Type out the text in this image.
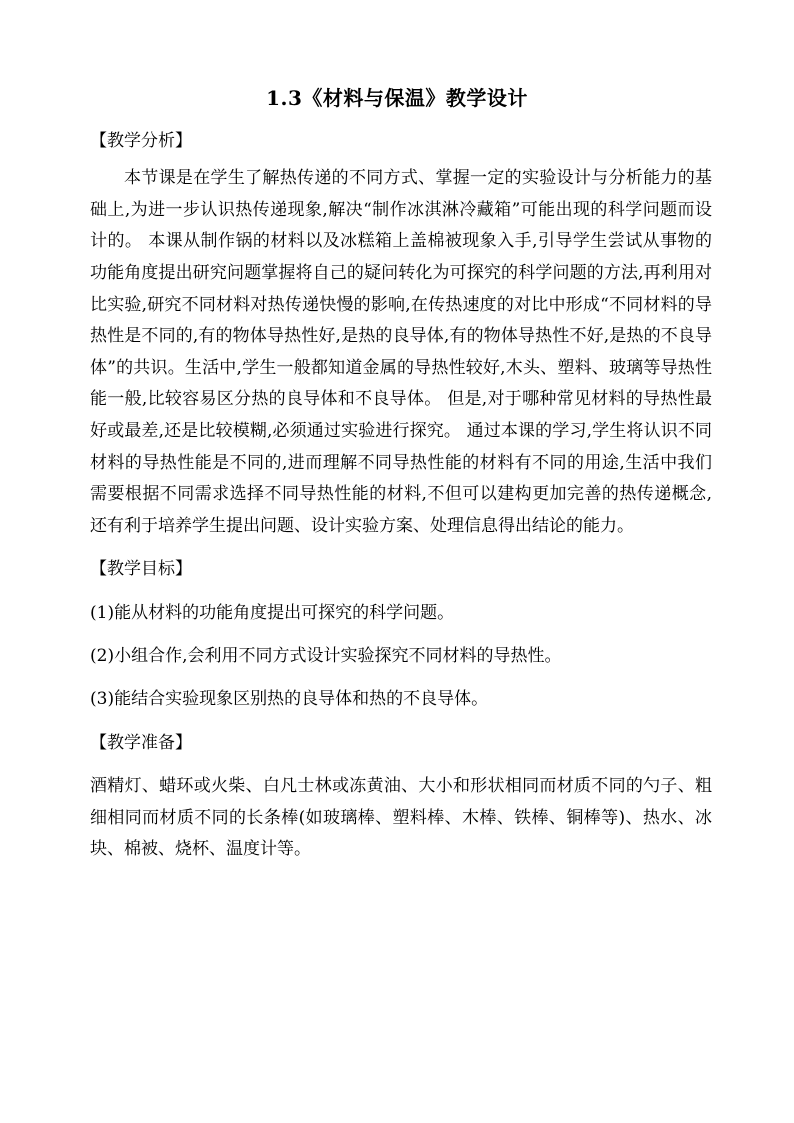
1.3《材料与保温》教学设计

【教学分析】

本节课是在学生了解热传递的不同方式、掌握一定的实验设计与分析能力的基础上,为进一步认识热传递现象,解决“制作冰淇淋冷藏箱”可能出现的科学问题而设计的。 本课从制作锅的材料以及冰糕箱上盖棉被现象入手,引导学生尝试从事物的功能角度提出研究问题掌握将自己的疑问转化为可探究的科学问题的方法,再利用对比实验,研究不同材料对热传递快慢的影响,在传热速度的对比中形成“不同材料的导热性是不同的,有的物体导热性好,是热的良导体,有的物体导热性不好,是热的不良导体”的共识。生活中,学生一般都知道金属的导热性较好,木头、塑料、玻璃等导热性能一般,比较容易区分热的良导体和不良导体。 但是,对于哪种常见材料的导热性最好或最差,还是比较模糊,必须通过实验进行探究。 通过本课的学习,学生将认识不同材料的导热性能是不同的,进而理解不同导热性能的材料有不同的用途,生活中我们需要根据不同需求选择不同导热性能的材料,不但可以建构更加完善的热传递概念,还有利于培养学生提出问题、设计实验方案、处理信息得出结论的能力。

【教学目标】

(1)能从材料的功能角度提出可探究的科学问题。

(2)小组合作,会利用不同方式设计实验探究不同材料的导热性。

(3)能结合实验现象区别热的良导体和热的不良导体。

【教学准备】

酒精灯、蜡环或火柴、白凡士林或冻黄油、大小和形状相同而材质不同的勺子、粗细相同而材质不同的长条棒(如玻璃棒、塑料棒、木棒、铁棒、铜棒等)、热水、冰块、棉被、烧杯、温度计等。
